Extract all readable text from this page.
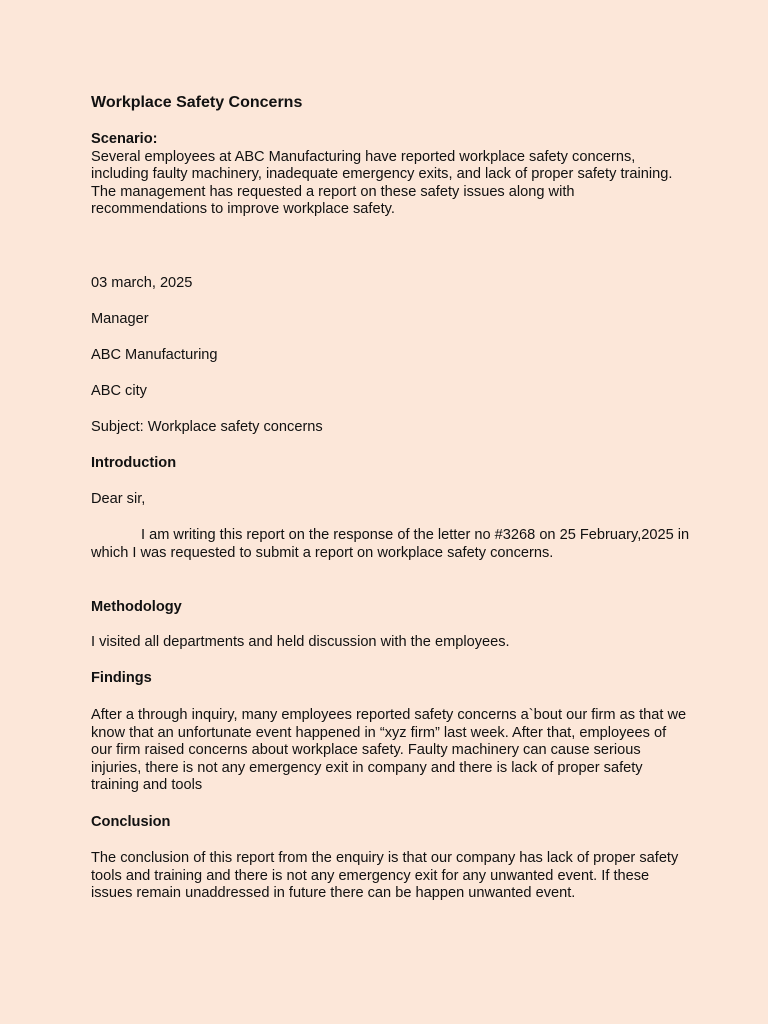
Workplace Safety Concerns
Scenario:
Several employees at ABC Manufacturing have reported workplace safety concerns, including faulty machinery, inadequate emergency exits, and lack of proper safety training. The management has requested a report on these safety issues along with recommendations to improve workplace safety.
03 march, 2025
Manager
ABC Manufacturing
ABC city
Subject: Workplace safety concerns
Introduction
Dear sir,
I am writing this report on the response of the letter no #3268 on 25 February,2025 in which I was requested to submit a report on workplace safety concerns.
Methodology
I visited all departments and held discussion with the employees.
Findings
After a through inquiry, many employees reported safety concerns a`bout our firm as that we know that an unfortunate event happened in “xyz firm” last week. After that, employees of our firm raised concerns about workplace safety. Faulty machinery can cause serious injuries, there is not any emergency exit in company and there is lack of proper safety training and tools
Conclusion
The conclusion of this report from the enquiry is that our company has lack of proper safety tools and training and there is not any emergency exit for any unwanted event. If these issues remain unaddressed in future there can be happen unwanted event.
